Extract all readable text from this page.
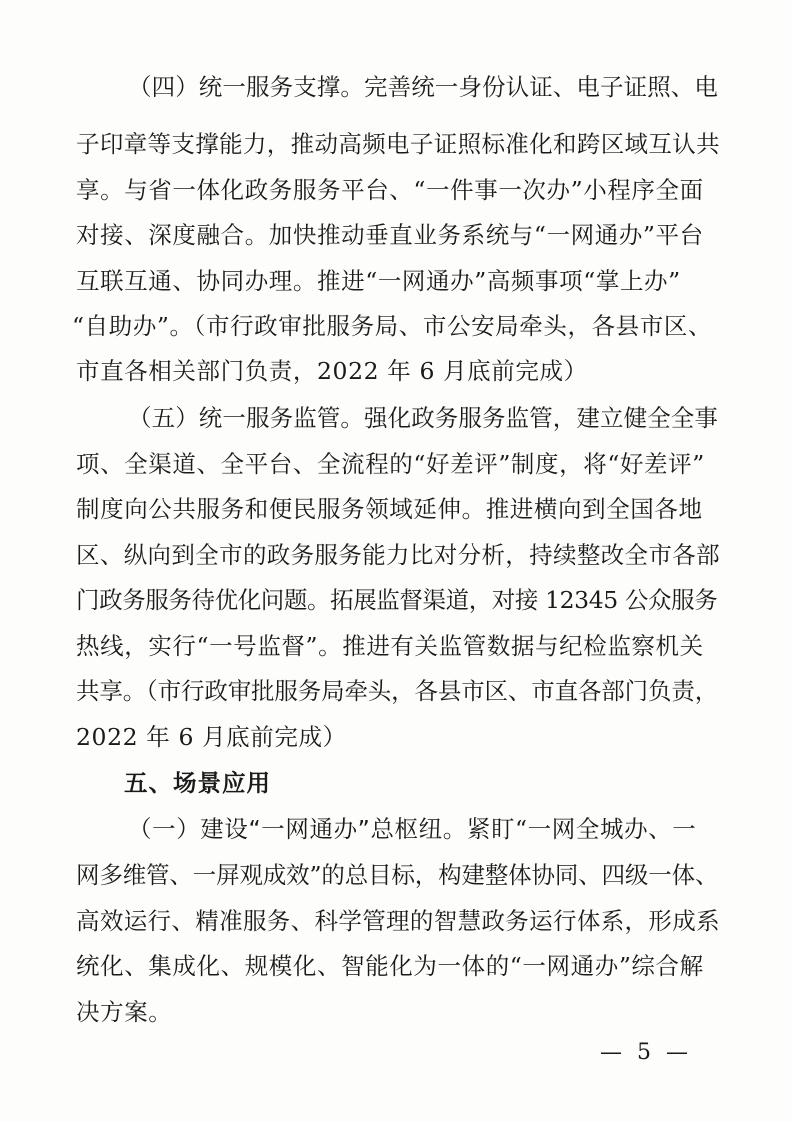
（四）统一服务支撑。完善统一身份认证、电子证照、电
子印章等支撑能力，推动高频电子证照标准化和跨区域互认共
享。与省一体化政务服务平台、“一件事一次办”小程序全面
对接、深度融合。加快推动垂直业务系统与“一网通办”平台
互联互通、协同办理。推进“一网通办”高频事项“掌上办”
“自助办”。（市行政审批服务局、市公安局牵头，各县市区、
市直各相关部门负责，2022 年 6 月底前完成）
（五）统一服务监管。强化政务服务监管，建立健全全事
项、全渠道、全平台、全流程的“好差评”制度，将“好差评”
制度向公共服务和便民服务领域延伸。推进横向到全国各地
区、纵向到全市的政务服务能力比对分析，持续整改全市各部
门政务服务待优化问题。拓展监督渠道，对接 12345 公众服务
热线，实行“一号监督”。推进有关监管数据与纪检监察机关
共享。（市行政审批服务局牵头，各县市区、市直各部门负责，
2022 年 6 月底前完成）
五、场景应用
（一）建设“一网通办”总枢纽。紧盯“一网全城办、一
网多维管、一屏观成效”的总目标，构建整体协同、四级一体、
高效运行、精准服务、科学管理的智慧政务运行体系，形成系
统化、集成化、规模化、智能化为一体的“一网通办”综合解
决方案。
— 5 —
